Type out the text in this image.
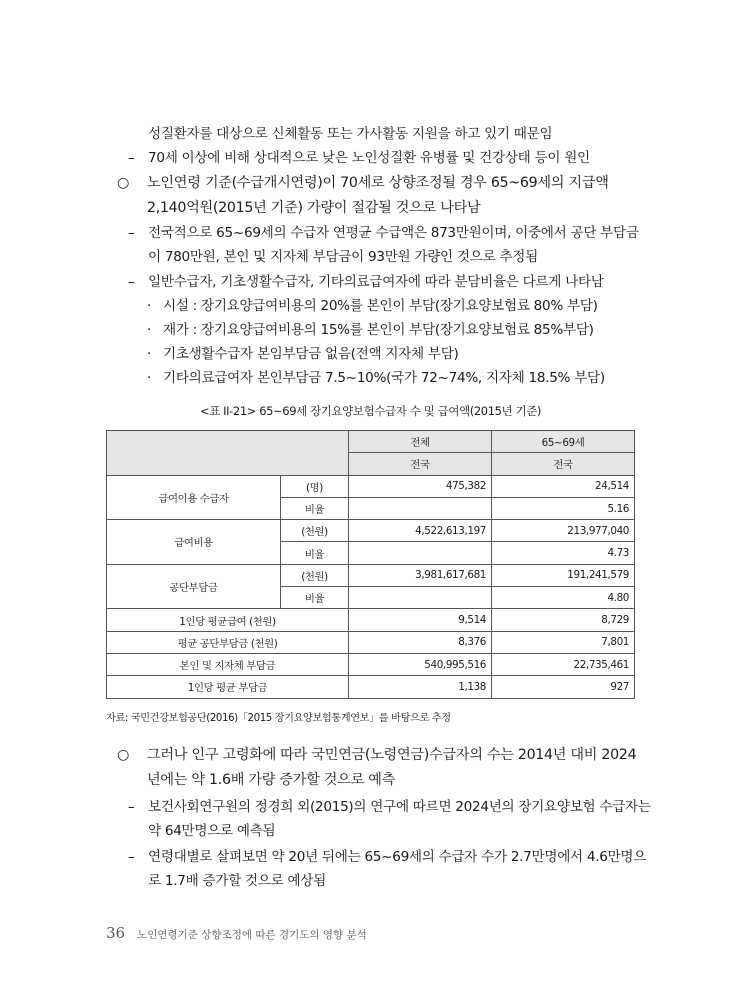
성질환자를 대상으로 신체활동 또는 가사활동 지원을 하고 있기 때문임
– 70세 이상에 비해 상대적으로 낮은 노인성질환 유병률 및 건강상태 등이 원인
○ 노인연령 기준(수급개시연령)이 70세로 상향조정될 경우 65~69세의 지급액
2,140억원(2015년 기준) 가량이 절감될 것으로 나타남
– 전국적으로 65~69세의 수급자 연평균 수급액은 873만원이며, 이중에서 공단 부담금
이 780만원, 본인 및 지자체 부담금이 93만원 가량인 것으로 추정됨
– 일반수급자, 기초생활수급자, 기타의료급여자에 따라 분담비율은 다르게 나타남
· 시설 : 장기요양급여비용의 20%를 본인이 부담(장기요양보험료 80% 부담)
· 재가 : 장기요양급여비용의 15%를 본인이 부담(장기요양보험료 85%부담)
· 기초생활수급자 본임부담금 없음(전액 지자체 부담)
· 기타의료급여자 본인부담금 7.5~10%(국가 72~74%, 지자체 18.5% 부담)
<표 II-21> 65~69세 장기요양보험수급자 수 및 급여액(2015년 기준)
		전체	65~69세
		전국	전국
급여이용 수급자	(명)	475,382	24,514
	비율		5.16
급여비용	(천원)	4,522,613,197	213,977,040
	비율		4.73
공단부담금	(천원)	3,981,617,681	191,241,579
	비율		4.80
1인당 평균급여 (천원)		9,514	8,729
평균 공단부담금 (천원)		8,376	7,801
본인 및 지자체 부담금		540,995,516	22,735,461
1인당 평균 부담금		1,138	927
자료: 국민건강보험공단(2016)「2015 장기요양보험통계연보」를 바탕으로 추정
○ 그러나 인구 고령화에 따라 국민연금(노령연금)수급자의 수는 2014년 대비 2024
년에는 약 1.6배 가량 증가할 것으로 예측
– 보건사회연구원의 정경희 외(2015)의 연구에 따르면 2024년의 장기요양보험 수급자는
약 64만명으로 예측됨
– 연령대별로 살펴보면 약 20년 뒤에는 65~69세의 수급자 수가 2.7만명에서 4.6만명으
로 1.7배 증가할 것으로 예상됨
36 노인연령기준 상향조정에 따른 경기도의 영향 분석
